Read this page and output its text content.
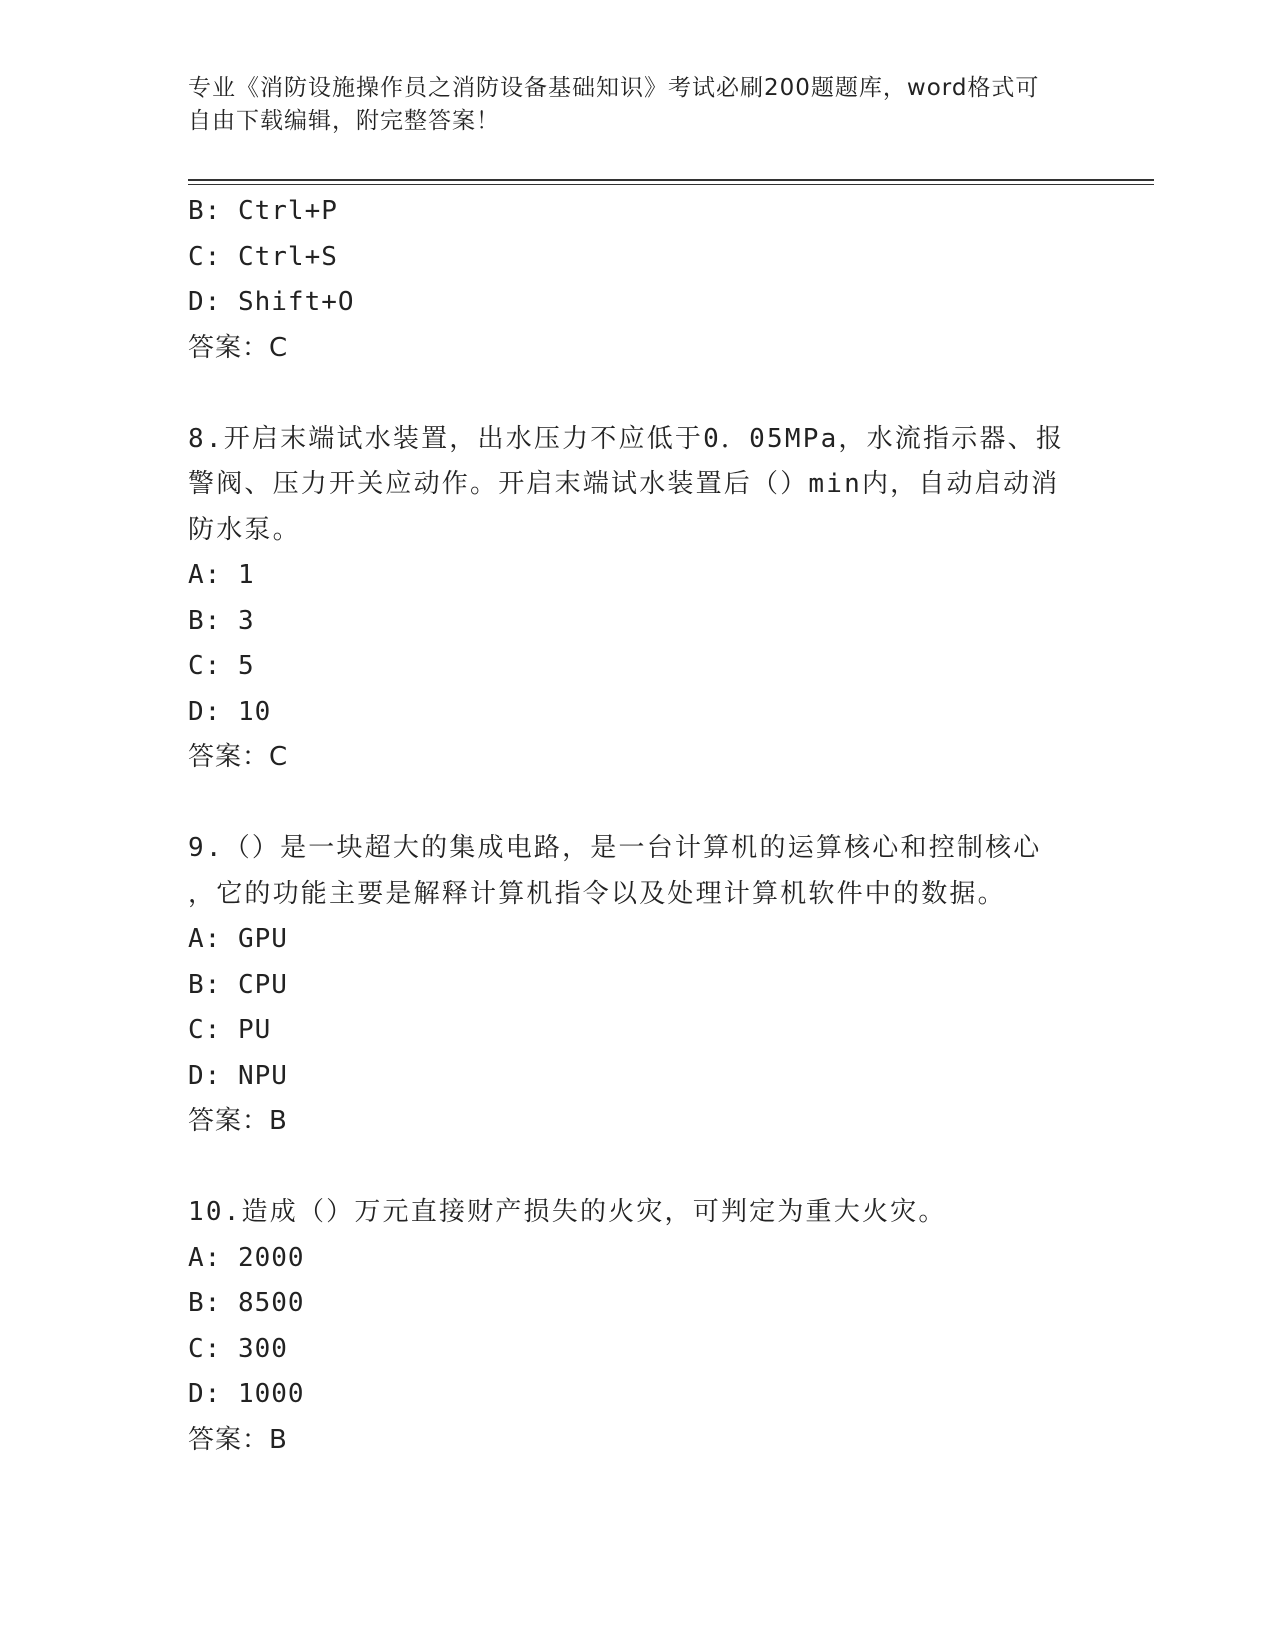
专业《消防设施操作员之消防设备基础知识》考试必刷200题题库，word格式可
自由下载编辑，附完整答案！
B: Ctrl+P
C: Ctrl+S
D: Shift+O
答案：C
8.开启末端试水装置，出水压力不应低于0．05MPa，水流指示器、报
警阀、压力开关应动作。开启末端试水装置后（）min内，自动启动消
防水泵。
A: 1
B: 3
C: 5
D: 10
答案：C
9.（）是一块超大的集成电路，是一台计算机的运算核心和控制核心
，它的功能主要是解释计算机指令以及处理计算机软件中的数据。
A: GPU
B: CPU
C: PU
D: NPU
答案：B
10.造成（）万元直接财产损失的火灾，可判定为重大火灾。
A: 2000
B: 8500
C: 300
D: 1000
答案：B
